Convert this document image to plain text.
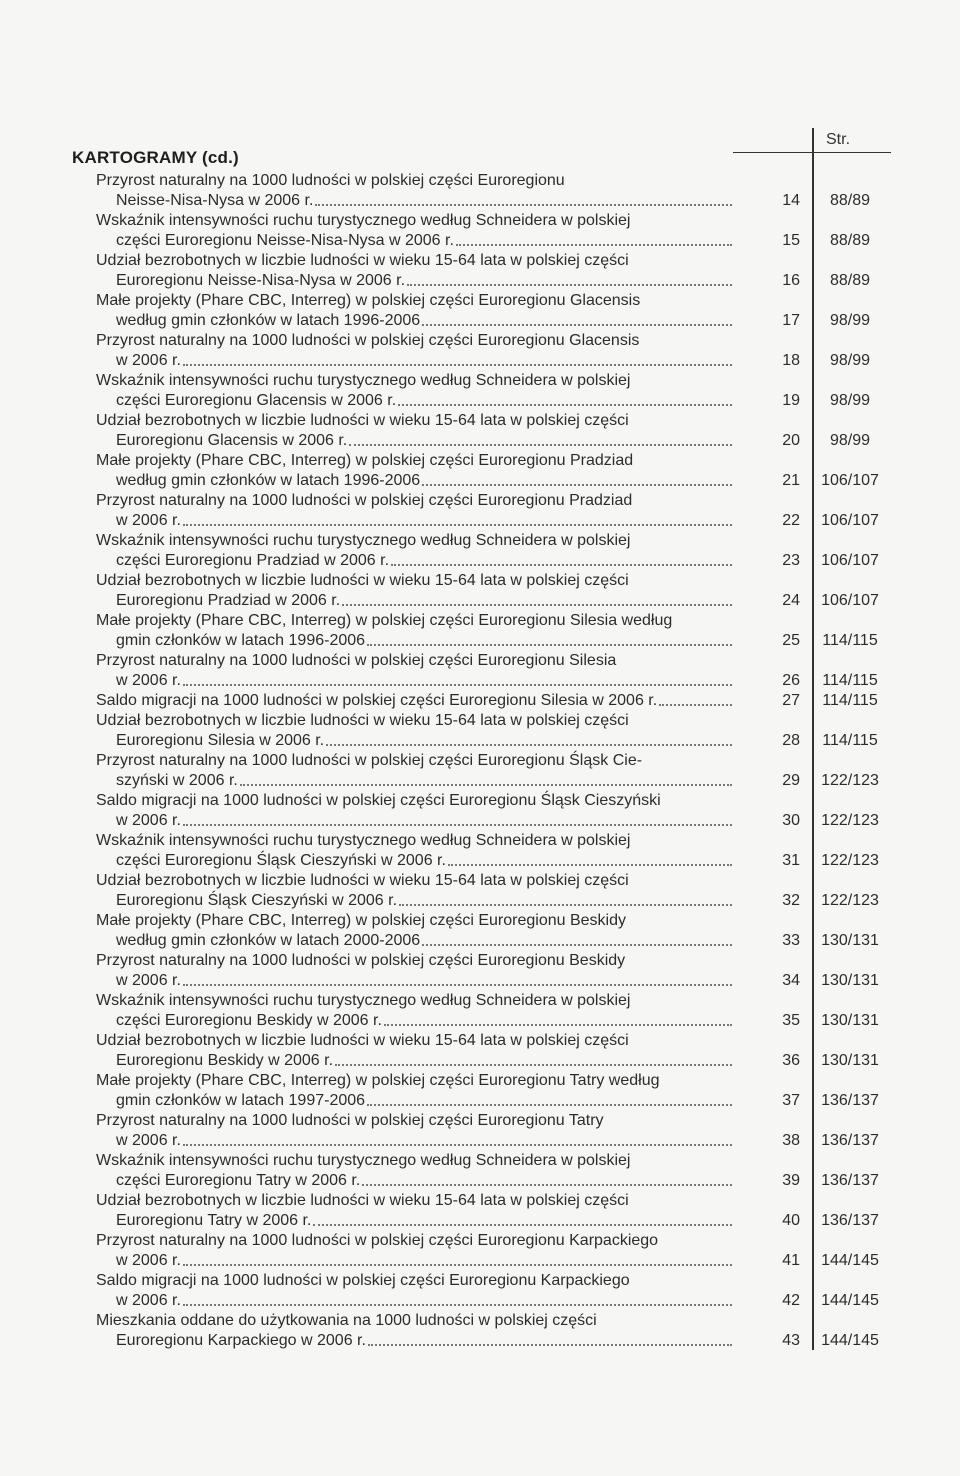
Str.
KARTOGRAMY (cd.)
Przyrost naturalny na 1000 ludności w polskiej części Euroregionu
Neisse-Nisa-Nysa w 2006 r.	14	88/89
Wskaźnik intensywności ruchu turystycznego według Schneidera w polskiej
części Euroregionu Neisse-Nisa-Nysa w 2006 r.	15	88/89
Udział bezrobotnych w liczbie ludności w wieku 15-64 lata w polskiej części
Euroregionu Neisse-Nisa-Nysa w 2006 r.	16	88/89
Małe projekty (Phare CBC, Interreg) w polskiej części Euroregionu Glacensis
według gmin członków w latach 1996-2006	17	98/99
Przyrost naturalny na 1000 ludności w polskiej części Euroregionu Glacensis
w 2006 r.	18	98/99
Wskaźnik intensywności ruchu turystycznego według Schneidera w polskiej
części Euroregionu Glacensis w 2006 r.	19	98/99
Udział bezrobotnych w liczbie ludności w wieku 15-64 lata w polskiej części
Euroregionu Glacensis w 2006 r.	20	98/99
Małe projekty (Phare CBC, Interreg) w polskiej części Euroregionu Pradziad
według gmin członków w latach 1996-2006	21 106/107
Przyrost naturalny na 1000 ludności w polskiej części Euroregionu Pradziad
w 2006 r.	22 106/107
Wskaźnik intensywności ruchu turystycznego według Schneidera w polskiej
części Euroregionu Pradziad w 2006 r.	23 106/107
Udział bezrobotnych w liczbie ludności w wieku 15-64 lata w polskiej części
Euroregionu Pradziad w 2006 r.	24 106/107
Małe projekty (Phare CBC, Interreg) w polskiej części Euroregionu Silesia według
gmin członków w latach 1996-2006	25 114/115
Przyrost naturalny na 1000 ludności w polskiej części Euroregionu Silesia
w 2006 r.	26 114/115
Saldo migracji na 1000 ludności w polskiej części Euroregionu Silesia w 2006 r.	27 114/115
Udział bezrobotnych w liczbie ludności w wieku 15-64 lata w polskiej części
Euroregionu Silesia w 2006 r.	28 114/115
Przyrost naturalny na 1000 ludności w polskiej części Euroregionu Śląsk Cie-
szyński w 2006 r.	29 122/123
Saldo migracji na 1000 ludności w polskiej części Euroregionu Śląsk Cieszyński
w 2006 r.	30 122/123
Wskaźnik intensywności ruchu turystycznego według Schneidera w polskiej
części Euroregionu Śląsk Cieszyński w 2006 r.	31 122/123
Udział bezrobotnych w liczbie ludności w wieku 15-64 lata w polskiej części
Euroregionu Śląsk Cieszyński w 2006 r.	32 122/123
Małe projekty (Phare CBC, Interreg) w polskiej części Euroregionu Beskidy
według gmin członków w latach 2000-2006	33 130/131
Przyrost naturalny na 1000 ludności w polskiej części Euroregionu Beskidy
w 2006 r.	34 130/131
Wskaźnik intensywności ruchu turystycznego według Schneidera w polskiej
części Euroregionu Beskidy w 2006 r.	35 130/131
Udział bezrobotnych w liczbie ludności w wieku 15-64 lata w polskiej części
Euroregionu Beskidy w 2006 r.	36 130/131
Małe projekty (Phare CBC, Interreg) w polskiej części Euroregionu Tatry według
gmin członków w latach 1997-2006	37 136/137
Przyrost naturalny na 1000 ludności w polskiej części Euroregionu Tatry
w 2006 r.	38 136/137
Wskaźnik intensywności ruchu turystycznego według Schneidera w polskiej
części Euroregionu Tatry w 2006 r.	39 136/137
Udział bezrobotnych w liczbie ludności w wieku 15-64 lata w polskiej części
Euroregionu Tatry w 2006 r.	40 136/137
Przyrost naturalny na 1000 ludności w polskiej części Euroregionu Karpackiego
w 2006 r.	41 144/145
Saldo migracji na 1000 ludności w polskiej części Euroregionu Karpackiego
w 2006 r.	42 144/145
Mieszkania oddane do użytkowania na 1000 ludności w polskiej części
Euroregionu Karpackiego w 2006 r.	43 144/145
